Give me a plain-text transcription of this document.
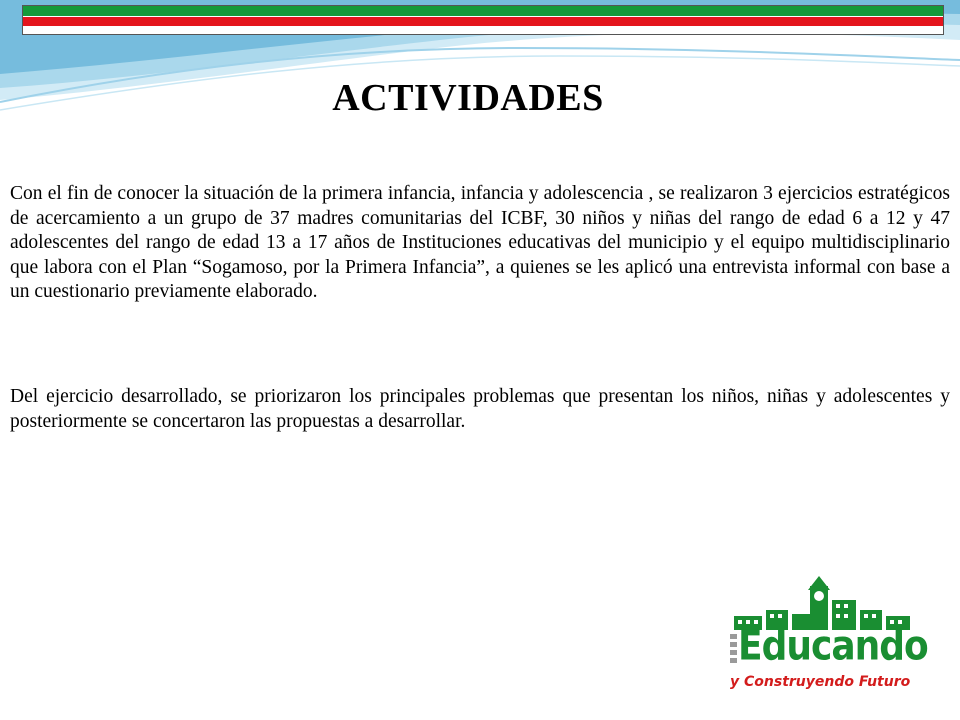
ACTIVIDADES

Con el fin de conocer la situación de la primera infancia, infancia y adolescencia , se realizaron 3 ejercicios estratégicos de acercamiento a un grupo de 37 madres comunitarias del ICBF, 30 niños y niñas del rango de edad 6 a 12 y 47 adolescentes del rango de edad 13 a 17 años de Instituciones educativas del municipio y el equipo multidisciplinario que labora con el Plan “Sogamoso, por la Primera Infancia”, a quienes se les aplicó una entrevista informal con base a un cuestionario previamente elaborado.

Del ejercicio desarrollado, se priorizaron los principales problemas que presentan los niños, niñas y adolescentes y posteriormente se concertaron las propuestas a desarrollar.

Educando
y Construyendo Futuro
